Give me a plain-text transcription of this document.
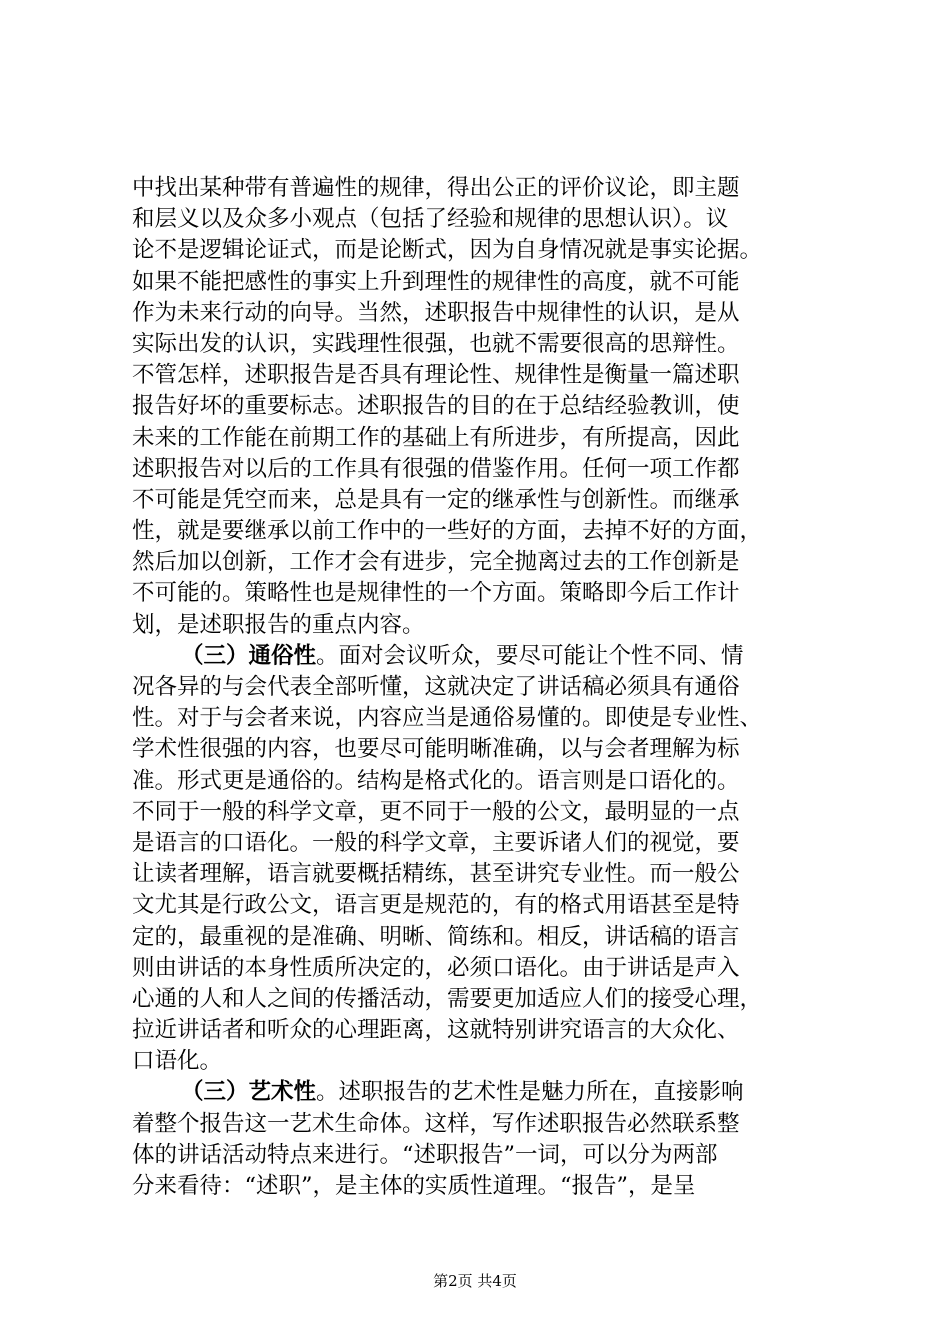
中找出某种带有普遍性的规律，得出公正的评价议论，即主题
和层义以及众多小观点（包括了经验和规律的思想认识）。议
论不是逻辑论证式，而是论断式，因为自身情况就是事实论据。
如果不能把感性的事实上升到理性的规律性的高度，就不可能
作为未来行动的向导。当然，述职报告中规律性的认识，是从
实际出发的认识，实践理性很强，也就不需要很高的思辩性。
不管怎样，述职报告是否具有理论性、规律性是衡量一篇述职
报告好坏的重要标志。述职报告的目的在于总结经验教训，使
未来的工作能在前期工作的基础上有所进步，有所提高，因此
述职报告对以后的工作具有很强的借鉴作用。任何一项工作都
不可能是凭空而来，总是具有一定的继承性与创新性。而继承
性，就是要继承以前工作中的一些好的方面，去掉不好的方面，
然后加以创新，工作才会有进步，完全抛离过去的工作创新是
不可能的。策略性也是规律性的一个方面。策略即今后工作计
划，是述职报告的重点内容。
（三）通俗性。面对会议听众，要尽可能让个性不同、情
况各异的与会代表全部听懂，这就决定了讲话稿必须具有通俗
性。对于与会者来说，内容应当是通俗易懂的。即使是专业性、
学术性很强的内容，也要尽可能明晰准确，以与会者理解为标
准。形式更是通俗的。结构是格式化的。语言则是口语化的。
不同于一般的科学文章，更不同于一般的公文，最明显的一点
是语言的口语化。一般的科学文章，主要诉诸人们的视觉，要
让读者理解，语言就要概括精练，甚至讲究专业性。而一般公
文尤其是行政公文，语言更是规范的，有的格式用语甚至是特
定的，最重视的是准确、明晰、简练和。相反，讲话稿的语言
则由讲话的本身性质所决定的，必须口语化。由于讲话是声入
心通的人和人之间的传播活动，需要更加适应人们的接受心理，
拉近讲话者和听众的心理距离，这就特别讲究语言的大众化、
口语化。
（三）艺术性。述职报告的艺术性是魅力所在，直接影响
着整个报告这一艺术生命体。这样，写作述职报告必然联系整
体的讲话活动特点来进行。“述职报告”一词，可以分为两部
分来看待：“述职”，是主体的实质性道理。“报告”，是呈
第2页 共4页
